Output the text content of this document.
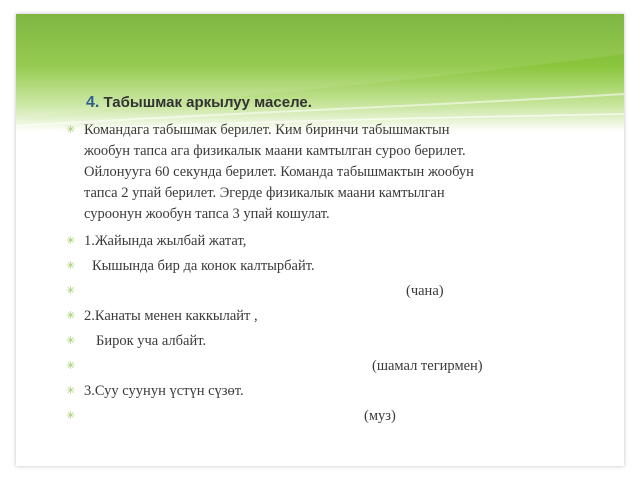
4. Табышмак аркылуу маселе.
✳ Командага табышмак берилет. Ким биринчи табышмактын
жообун тапса ага физикалык маани камтылган суроо берилет.
Ойлонууга 60 секунда берилет. Команда табышмактын жообун
тапса 2 упай берилет. Эгерде физикалык маани камтылган
суроонун жообун тапса 3 упай кошулат.
✳ 1.Жайында жылбай жатат,
✳ Кышында бир да конок калтырбайт.
✳	(чана)
✳ 2.Канаты менен каккылайт ,
✳ Бирок уча албайт.
✳	(шамал тегирмен)
✳ 3.Суу суунун үстүн сүзөт.
✳	(муз)
